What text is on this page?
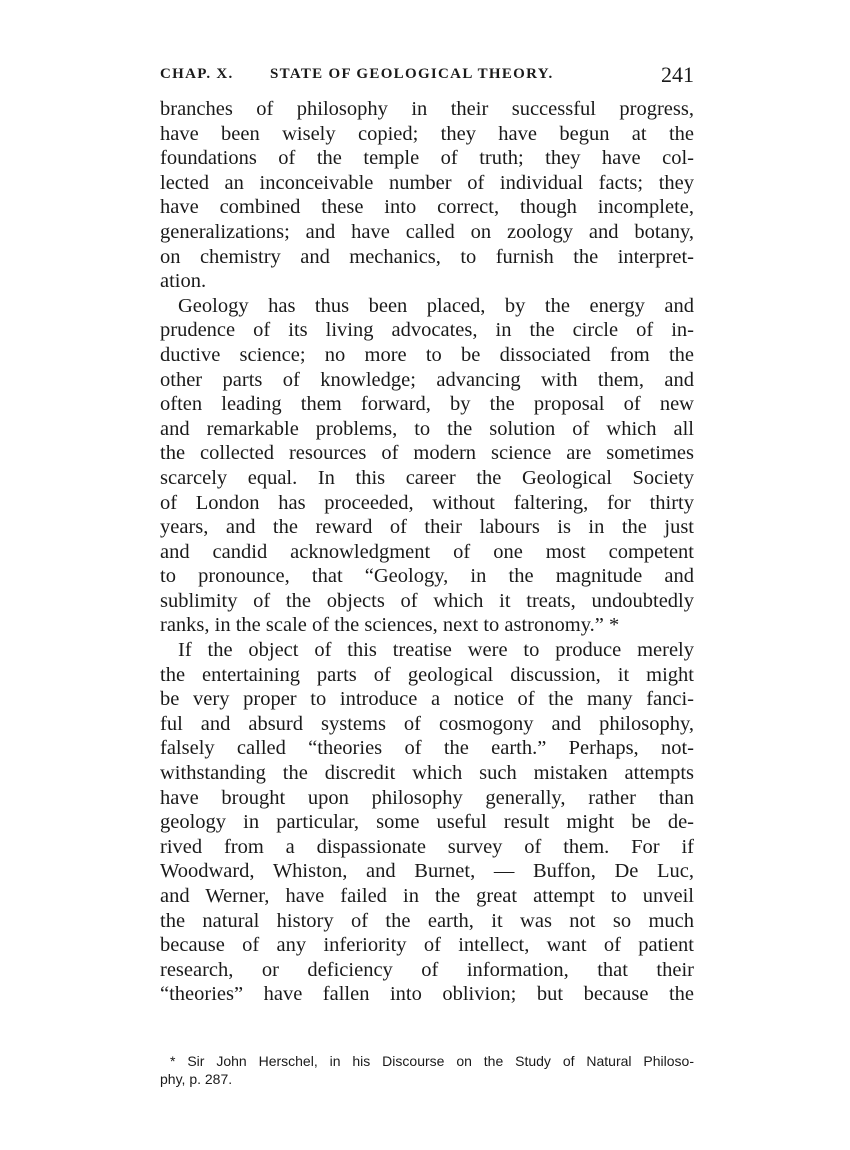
CHAP. X. STATE OF GEOLOGICAL THEORY.	241
branches of philosophy in their successful progress,
have been wisely copied; they have begun at the
foundations of the temple of truth; they have col-
lected an inconceivable number of individual facts; they
have combined these into correct, though incomplete,
generalizations; and have called on zoology and botany,
on chemistry and mechanics, to furnish the interpret-
ation.
Geology has thus been placed, by the energy and
prudence of its living advocates, in the circle of in-
ductive science; no more to be dissociated from the
other parts of knowledge; advancing with them, and
often leading them forward, by the proposal of new
and remarkable problems, to the solution of which all
the collected resources of modern science are sometimes
scarcely equal. In this career the Geological Society
of London has proceeded, without faltering, for thirty
years, and the reward of their labours is in the just
and candid acknowledgment of one most competent
to pronounce, that “Geology, in the magnitude and
sublimity of the objects of which it treats, undoubtedly
ranks, in the scale of the sciences, next to astronomy.” *
If the object of this treatise were to produce merely
the entertaining parts of geological discussion, it might
be very proper to introduce a notice of the many fanci-
ful and absurd systems of cosmogony and philosophy,
falsely called “theories of the earth.” Perhaps, not-
withstanding the discredit which such mistaken attempts
have brought upon philosophy generally, rather than
geology in particular, some useful result might be de-
rived from a dispassionate survey of them. For if
Woodward, Whiston, and Burnet, — Buffon, De Luc,
and Werner, have failed in the great attempt to unveil
the natural history of the earth, it was not so much
because of any inferiority of intellect, want of patient
research, or deficiency of information, that their
“theories” have fallen into oblivion; but because the
* Sir John Herschel, in his Discourse on the Study of Natural Philoso-
phy, p. 287.
